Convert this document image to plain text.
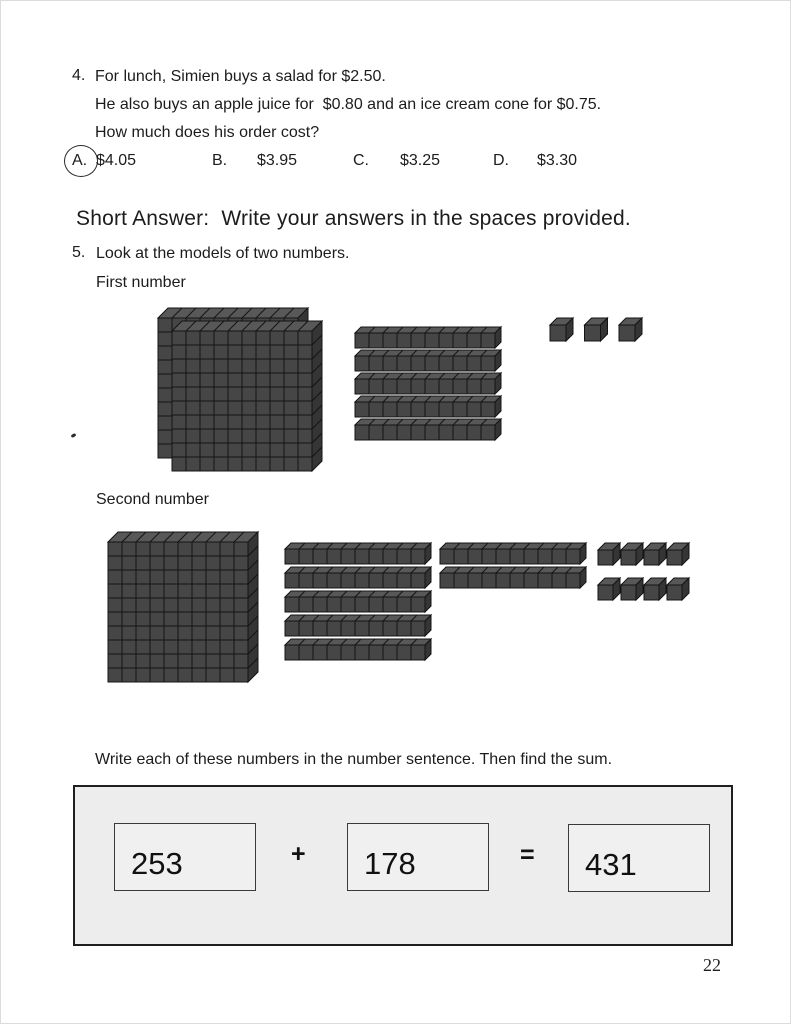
4. For lunch, Simien buys a salad for $2.50.
He also buys an apple juice for  $0.80 and an ice cream cone for $0.75.
How much does his order cost?
A. $4.05	B. $3.95	C. $3.25	D. $3.30
Short Answer:  Write your answers in the spaces provided.
5. Look at the models of two numbers.
First number
Second number
Write each of these numbers in the number sentence. Then find the sum.
253	+ 178	= 431
22
